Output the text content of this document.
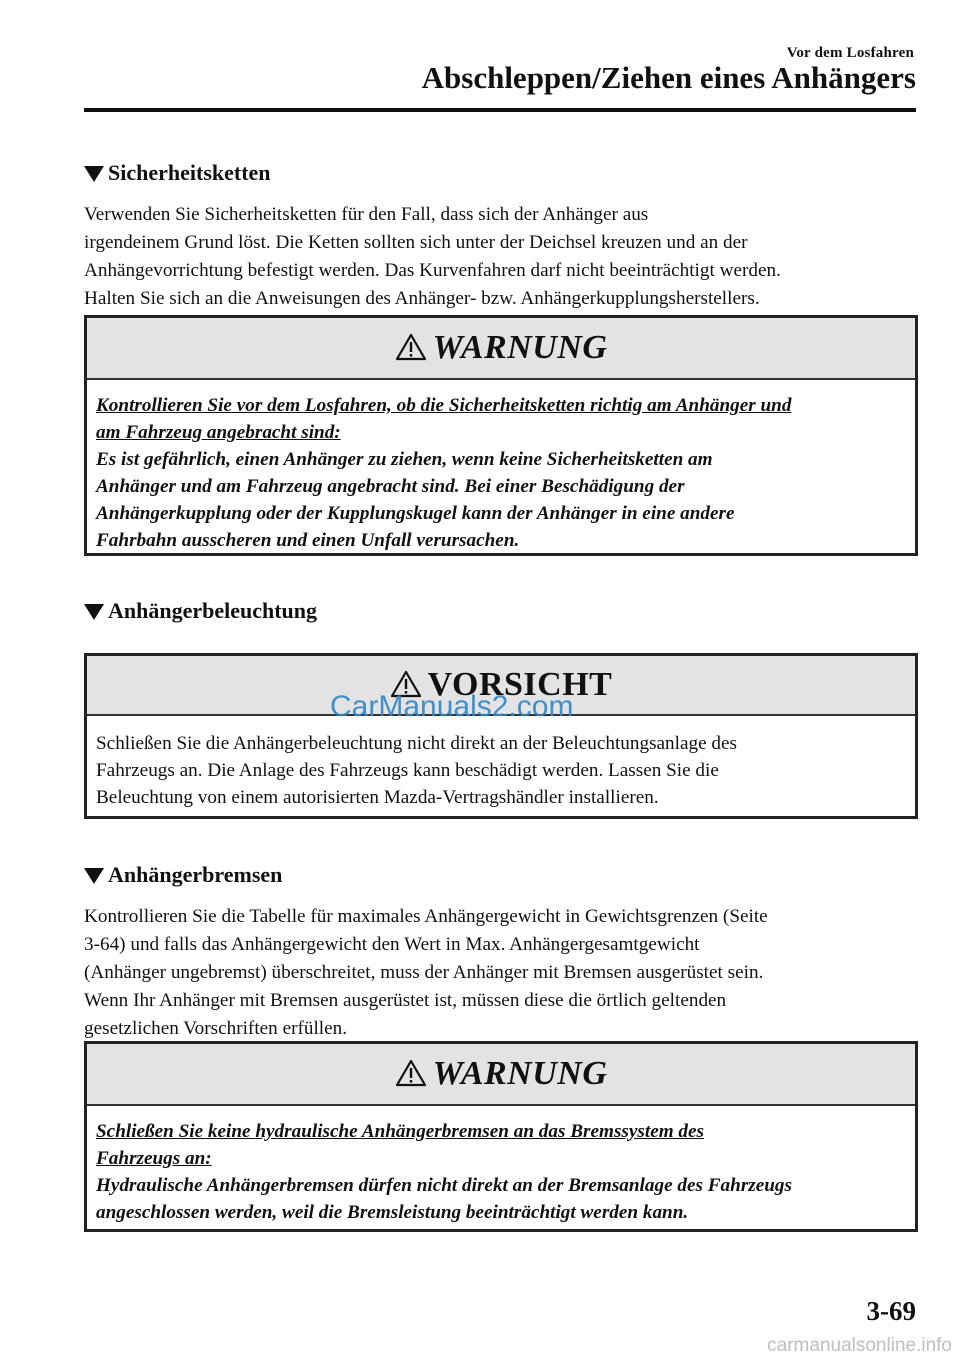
Vor dem Losfahren
Abschleppen/Ziehen eines Anhängers
Sicherheitsketten
Verwenden Sie Sicherheitsketten für den Fall, dass sich der Anhänger aus
irgendeinem Grund löst. Die Ketten sollten sich unter der Deichsel kreuzen und an der
Anhängevorrichtung befestigt werden. Das Kurvenfahren darf nicht beeinträchtigt werden.
Halten Sie sich an die Anweisungen des Anhänger- bzw. Anhängerkupplungsherstellers.
WARNUNG

Kontrollieren Sie vor dem Losfahren, ob die Sicherheitsketten richtig am Anhänger und

am Fahrzeug angebracht sind:

Es ist gefährlich, einen Anhänger zu ziehen, wenn keine Sicherheitsketten am

Anhänger und am Fahrzeug angebracht sind. Bei einer Beschädigung der

Anhängerkupplung oder der Kupplungskugel kann der Anhänger in eine andere

Fahrbahn ausscheren und einen Unfall verursachen.

Anhängerbeleuchtung
VORSICHT

Schließen Sie die Anhängerbeleuchtung nicht direkt an der Beleuchtungsanlage des

Fahrzeugs an. Die Anlage des Fahrzeugs kann beschädigt werden. Lassen Sie die

Beleuchtung von einem autorisierten Mazda-Vertragshändler installieren.

CarManuals2.com
Anhängerbremsen
Kontrollieren Sie die Tabelle für maximales Anhängergewicht in Gewichtsgrenzen (Seite
3-64) und falls das Anhängergewicht den Wert in Max. Anhängergesamtgewicht
(Anhänger ungebremst) überschreitet, muss der Anhänger mit Bremsen ausgerüstet sein.
Wenn Ihr Anhänger mit Bremsen ausgerüstet ist, müssen diese die örtlich geltenden
gesetzlichen Vorschriften erfüllen.
WARNUNG

Schließen Sie keine hydraulische Anhängerbremsen an das Bremssystem des

Fahrzeugs an:

Hydraulische Anhängerbremsen dürfen nicht direkt an der Bremsanlage des Fahrzeugs

angeschlossen werden, weil die Bremsleistung beeinträchtigt werden kann.

3-69
carmanualsonline.info
